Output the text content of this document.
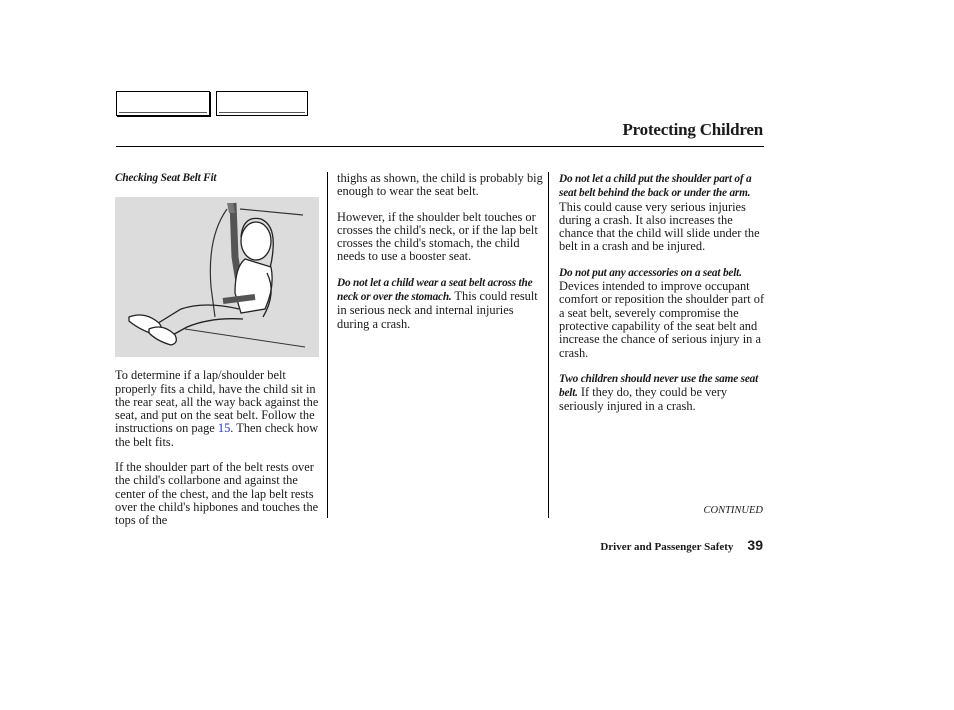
Protecting Children

Checking Seat Belt Fit

To determine if a lap/shoulder belt properly fits a child, have the child sit in the rear seat, all the way back against the seat, and put on the seat belt. Follow the instructions on page 15. Then check how the belt fits.

If the shoulder part of the belt rests over the child's collarbone and against the center of the chest, and the lap belt rests over the child's hipbones and touches the tops of the

thighs as shown, the child is probably big enough to wear the seat belt.

However, if the shoulder belt touches or crosses the child's neck, or if the lap belt crosses the child's stomach, the child needs to use a booster seat.

Do not let a child wear a seat belt across the neck or over the stomach. This could result in serious neck and internal injuries during a crash.

Do not let a child put the shoulder part of a seat belt behind the back or under the arm. This could cause very serious injuries during a crash. It also increases the chance that the child will slide under the belt in a crash and be injured.

Do not put any accessories on a seat belt. Devices intended to improve occupant comfort or reposition the shoulder part of a seat belt, severely compromise the protective capability of the seat belt and increase the chance of serious injury in a crash.

Two children should never use the same seat belt. If they do, they could be very seriously injured in a crash.

CONTINUED
Driver and Passenger Safety 39
